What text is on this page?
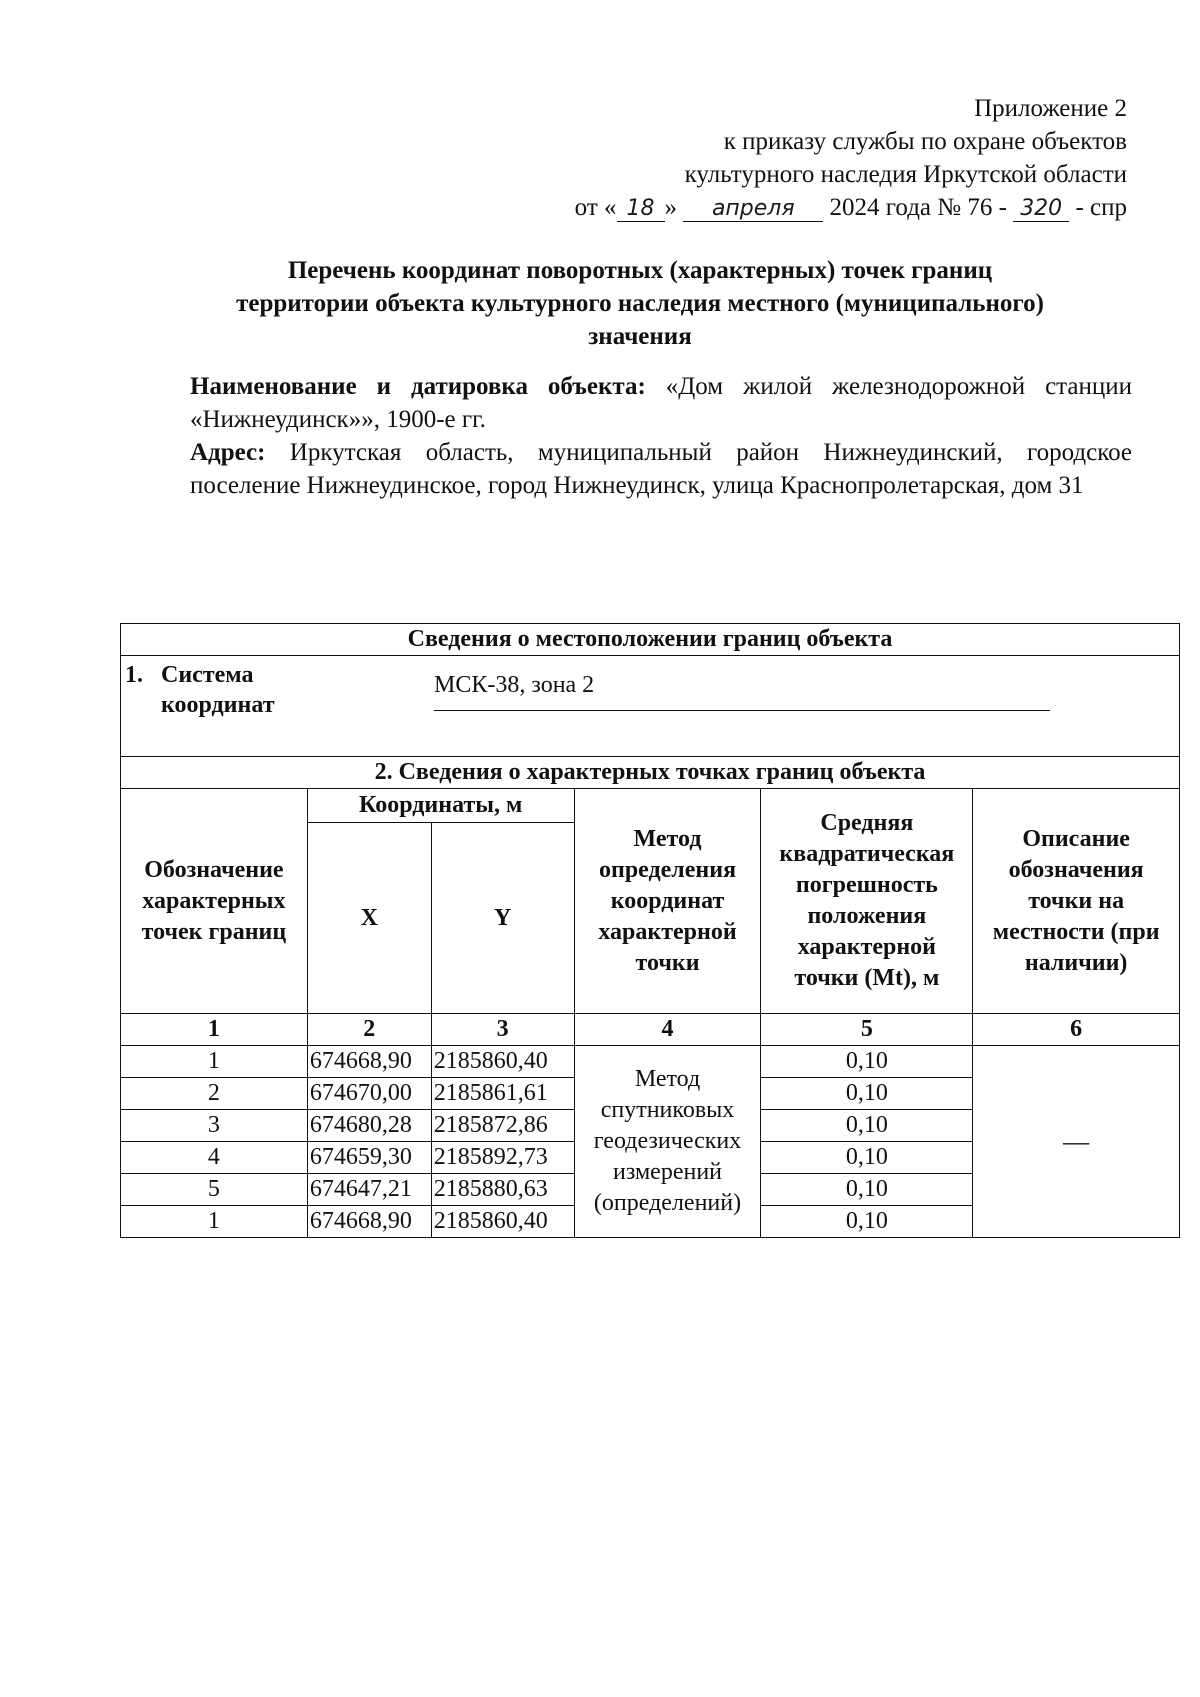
Приложение 2
к приказу службы по охране объектов
культурного наследия Иркутской области
от « 18 » апреля 2024 года № 76 - 320 - спр
Перечень координат поворотных (характерных) точек границ
территории объекта культурного наследия местного (муниципального)
значения

Наименование и датировка объекта: «Дом жилой железнодорожной станции «Нижнеудинск»», 1900-е гг.

Адрес: Иркутская область, муниципальный район Нижнеудинский, городское поселение Нижнеудинское, город Нижнеудинск, улица Краснопролетарская, дом 31

Сведения о местоположении границ объекта					

1. Система
координат
МСК-38, зона 2					

2. Сведения о характерных точках границ объекта					
Обозначение характерных точек границ	Координаты, м		Метод определения координат характерной точки	Средняя квадратическая погрешность положения характерной точки (Mt), м	Описание обозначения точки на местности (при наличии)
	X	Y			
1	2	3	4	5	6
1	674668,90	2185860,40	Метод спутниковых геодезических измерений (определений)	0,10	—
2	674670,00	2185861,61		0,10	
3	674680,28	2185872,86		0,10	
4	674659,30	2185892,73		0,10	
5	674647,21	2185880,63		0,10	
1	674668,90	2185860,40		0,10	
